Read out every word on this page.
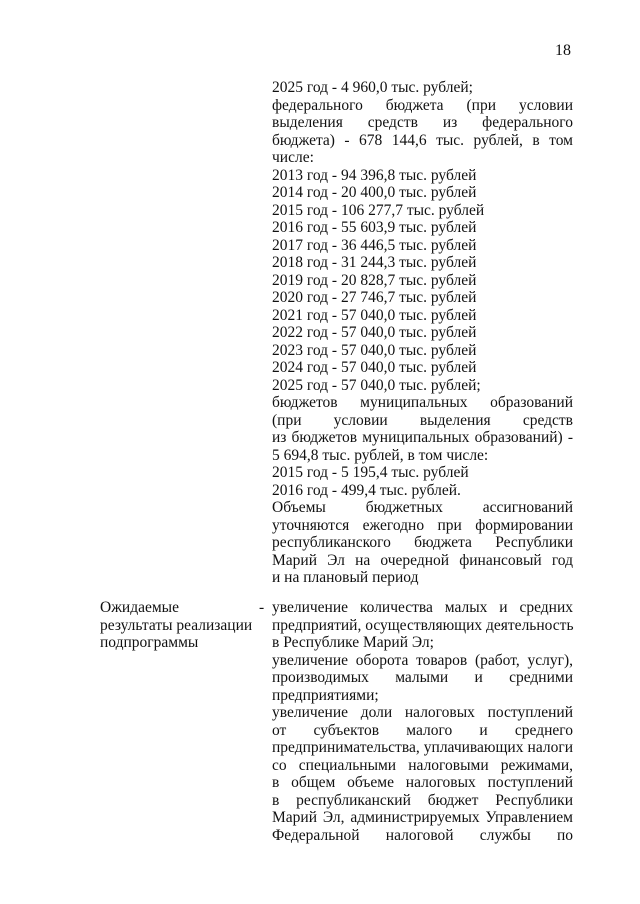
18
2025 год - 4 960,0 тыс. рублей;
федерального бюджета (при условии
выделения средств из федерального
бюджета) - 678 144,6 тыс. рублей, в том
числе:
2013 год - 94 396,8 тыс. рублей
2014 год - 20 400,0 тыс. рублей
2015 год - 106 277,7 тыс. рублей
2016 год - 55 603,9 тыс. рублей
2017 год - 36 446,5 тыс. рублей
2018 год - 31 244,3 тыс. рублей
2019 год - 20 828,7 тыс. рублей
2020 год - 27 746,7 тыс. рублей
2021 год - 57 040,0 тыс. рублей
2022 год - 57 040,0 тыс. рублей
2023 год - 57 040,0 тыс. рублей
2024 год - 57 040,0 тыс. рублей
2025 год - 57 040,0 тыс. рублей;
бюджетов муниципальных образований
(при условии выделения средств
из бюджетов муниципальных образований) -
5 694,8 тыс. рублей, в том числе:
2015 год - 5 195,4 тыс. рублей
2016 год - 499,4 тыс. рублей.
Объемы бюджетных ассигнований
уточняются ежегодно при формировании
республиканского бюджета Республики
Марий Эл на очередной финансовый год
и на плановый период
Ожидаемые
результаты реализации
подпрограммы
- увеличение количества малых и средних
предприятий, осуществляющих деятельность
в Республике Марий Эл;
увеличение оборота товаров (работ, услуг),
производимых малыми и средними
предприятиями;
увеличение доли налоговых поступлений
от субъектов малого и среднего
предпринимательства, уплачивающих налоги
со специальными налоговыми режимами,
в общем объеме налоговых поступлений
в республиканский бюджет Республики
Марий Эл, администрируемых Управлением
Федеральной налоговой службы по
